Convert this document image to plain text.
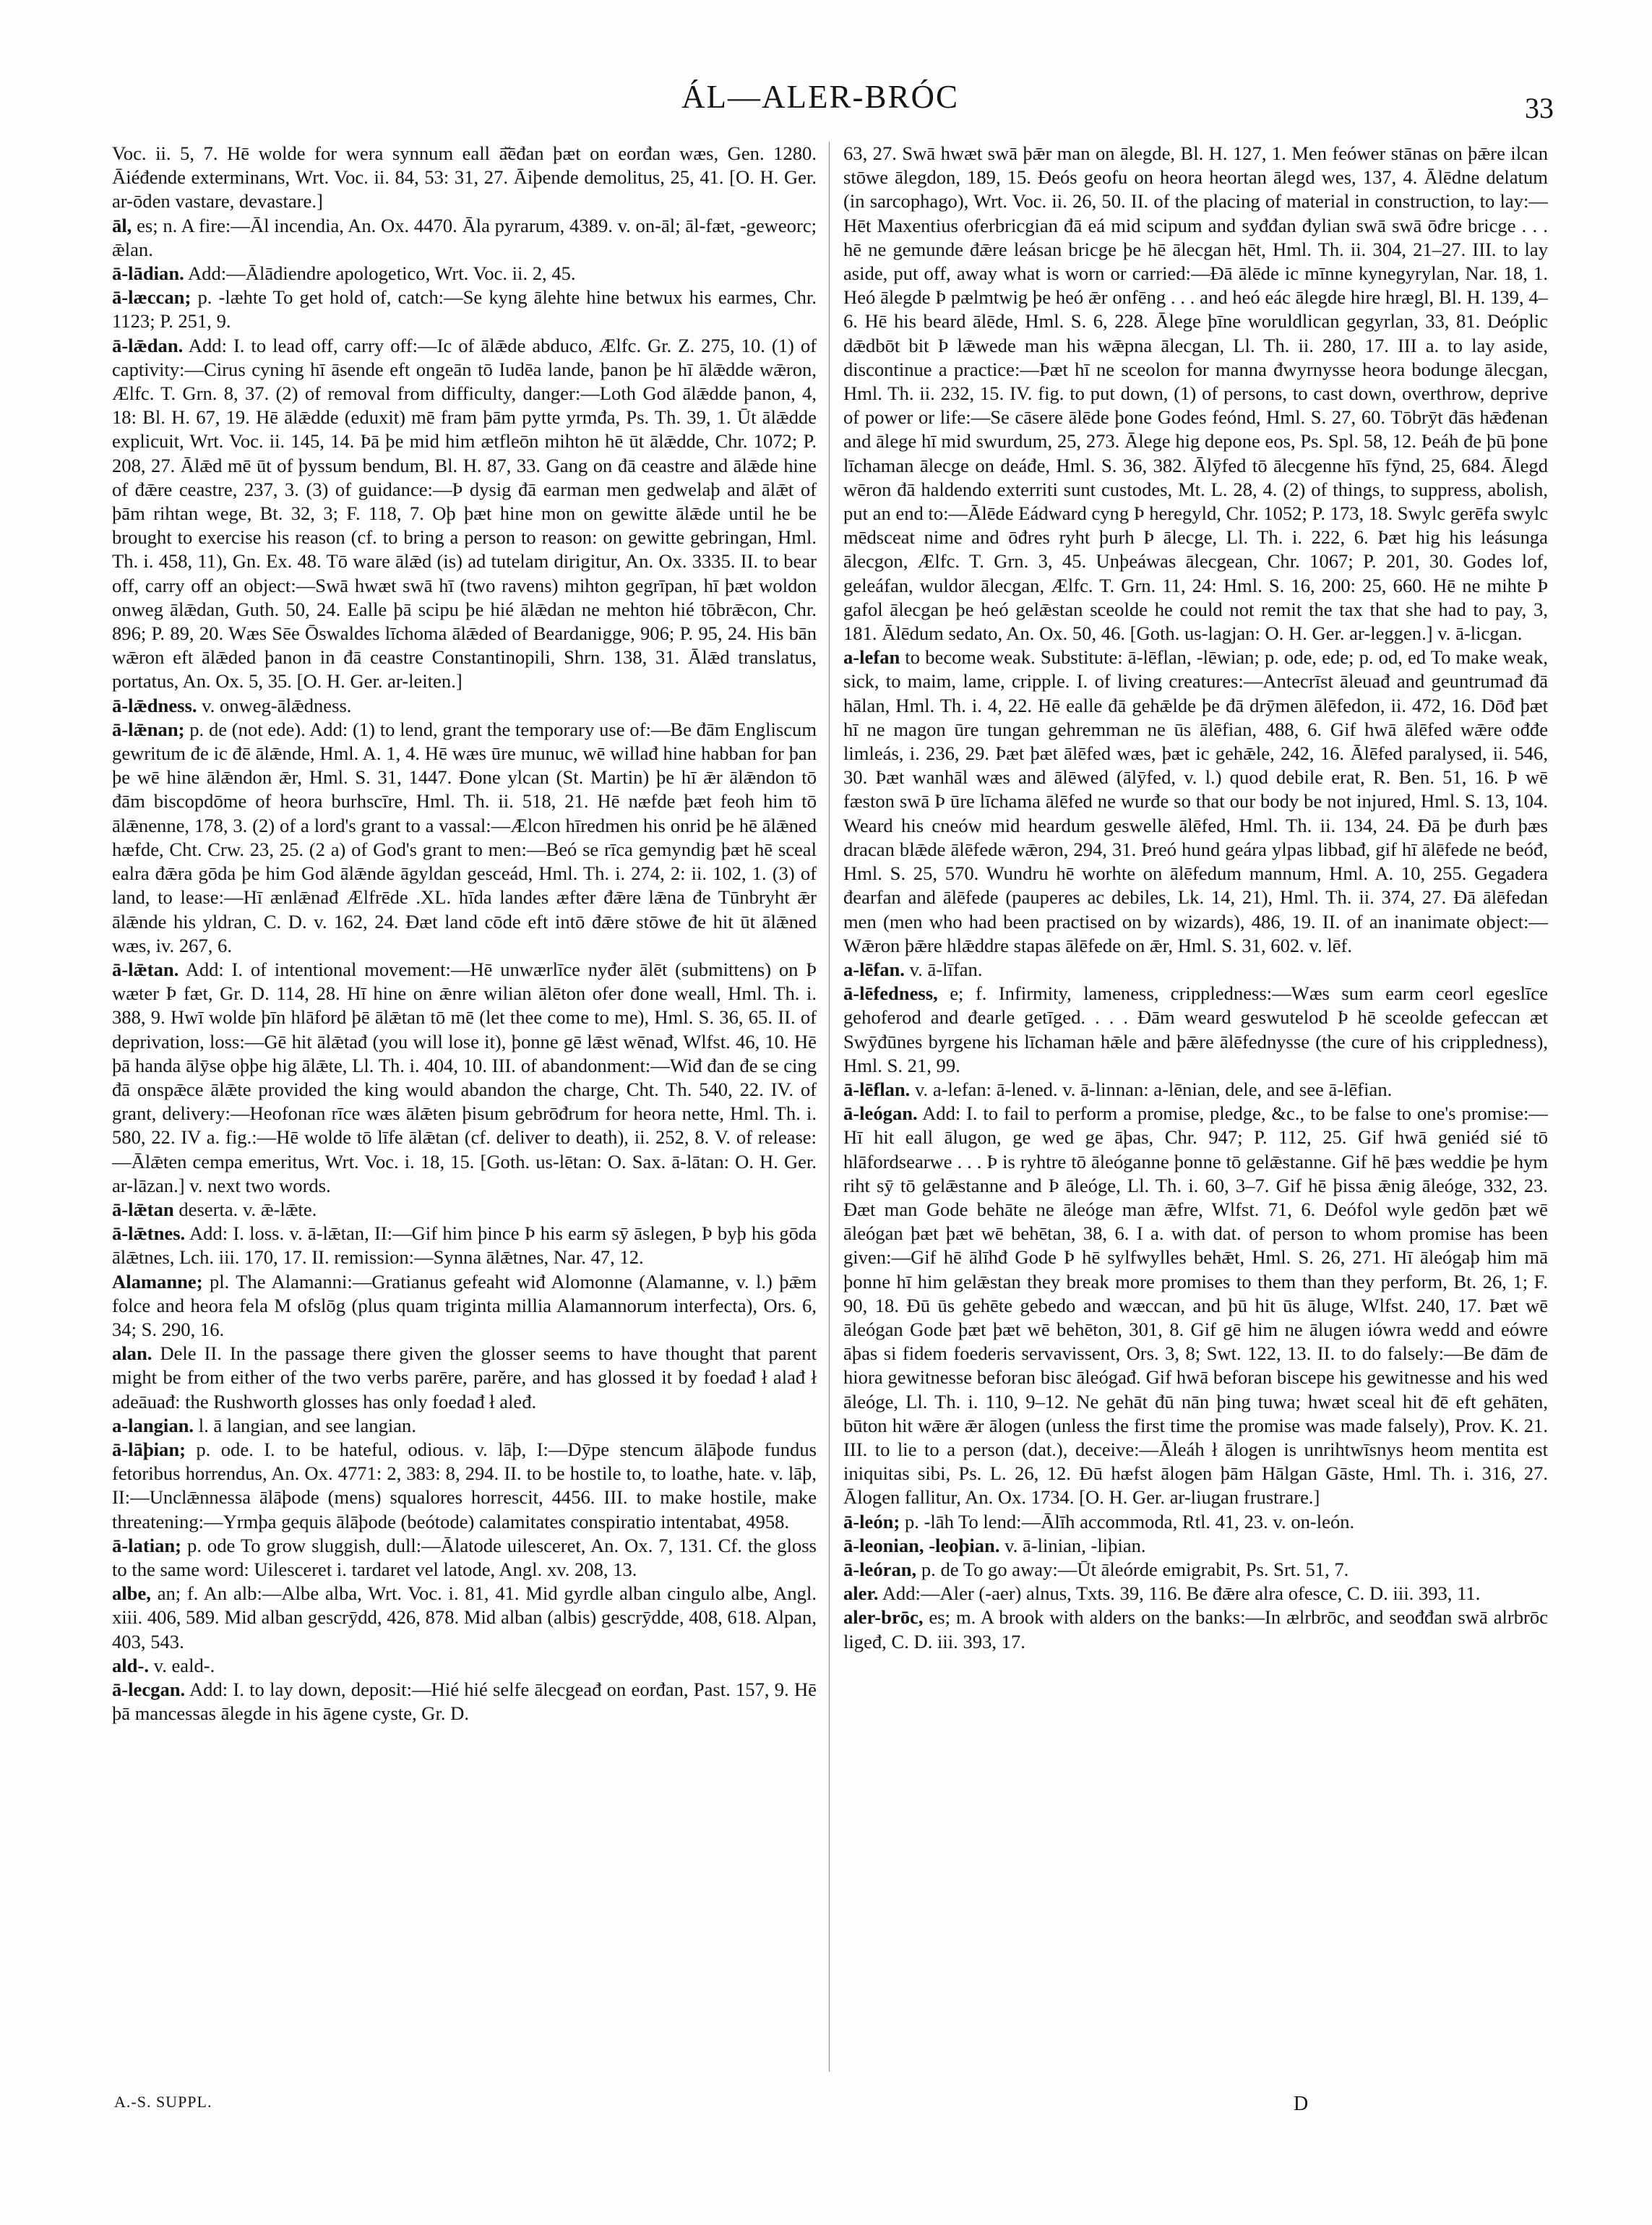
ÁL—ALER-BRÓC	33

Voc. ii. 5, 7. Hē wolde for wera synnum eall ā̆ēđan þæt on eorđan wæs, Gen. 1280. Āiéđende exterminans, Wrt. Voc. ii. 84, 53: 31, 27. Āiþende demolitus, 25, 41. [O. H. Ger. ar-ōden vastare, devastare.]

āl, es; n. A fire:—Āl incendia, An. Ox. 4470. Āla pyrarum, 4389. v. on-āl; āl-fæt, -geweorc; ǣlan.

ā-lādian. Add:—Ālādiendre apologetico, Wrt. Voc. ii. 2, 45.

ā-læccan; p. -læhte To get hold of, catch:—Se kyng ālehte hine betwux his earmes, Chr. 1123; P. 251, 9.

ā-lǣdan. Add: I. to lead off, carry off:—Ic of ālǣde abduco, Ælfc. Gr. Z. 275, 10. (1) of captivity:—Cirus cyning hī āsende eft ongeān tō Iudēa lande, þanon þe hī ālǣdde wǣron, Ælfc. T. Grn. 8, 37. (2) of removal from difficulty, danger:—Loth God ālǣdde þanon, 4, 18: Bl. H. 67, 19. Hē ālǣdde (eduxit) mē fram þām pytte yrmđa, Ps. Th. 39, 1. Ūt ālǣdde explicuit, Wrt. Voc. ii. 145, 14. Þā þe mid him ætfleōn mihton hē ūt ālǣdde, Chr. 1072; P. 208, 27. Ālǣd mē ūt of þyssum bendum, Bl. H. 87, 33. Gang on đā ceastre and ālǣde hine of đǣre ceastre, 237, 3. (3) of guidance:—Þ dysig đā earman men gedwelaþ and ālǣt of þām rihtan wege, Bt. 32, 3; F. 118, 7. Oþ þæt hine mon on gewitte ālǣde until he be brought to exercise his reason (cf. to bring a person to reason: on gewitte gebringan, Hml. Th. i. 458, 11), Gn. Ex. 48. Tō ware ālǣd (is) ad tutelam dirigitur, An. Ox. 3335. II. to bear off, carry off an object:—Swā hwæt swā hī (two ravens) mihton gegrīpan, hī þæt woldon onweg ālǣdan, Guth. 50, 24. Ealle þā scipu þe hié ālǣdan ne mehton hié tōbrǣcon, Chr. 896; P. 89, 20. Wæs Sēe Ōswaldes līchoma ālǣded of Beardanigge, 906; P. 95, 24. His bān wǣron eft ālǣded þanon in đā ceastre Constantinopili, Shrn. 138, 31. Ālǣd translatus, portatus, An. Ox. 5, 35. [O. H. Ger. ar-leiten.]

ā-lǣdness. v. onweg-ālǣdness.

ā-lǣnan; p. de (not ede). Add: (1) to lend, grant the temporary use of:—Be đām Engliscum gewritum đe ic đē ālǣnde, Hml. A. 1, 4. Hē wæs ūre munuc, wē willađ hine habban for þan þe wē hine ālǣndon ǣr, Hml. S. 31, 1447. Đone ylcan (St. Martin) þe hī ǣr ālǣndon tō đām biscopdōme of heora burhscīre, Hml. Th. ii. 518, 21. Hē næfde þæt feoh him tō ālǣnenne, 178, 3. (2) of a lord's grant to a vassal:—Ælcon hīredmen his onrid þe hē ālǣned hæfde, Cht. Crw. 23, 25. (2 a) of God's grant to men:—Beó se rīca gemyndig þæt hē sceal ealra đǣra gōda þe him God ālǣnde āgyldan gesceád, Hml. Th. i. 274, 2: ii. 102, 1. (3) of land, to lease:—Hī ænlǣnađ Ælfrēde .XL. hīda landes æfter đǣre lǣna đe Tūnbryht ǣr ālǣnde his yldran, C. D. v. 162, 24. Đæt land cōde eft intō đǣre stōwe đe hit ūt ālǣned wæs, iv. 267, 6.

ā-lǣtan. Add: I. of intentional movement:—Hē unwærlīce nyđer ālēt (submittens) on Þ wæter Þ fæt, Gr. D. 114, 28. Hī hine on ǣnre wilian ālēton ofer đone weall, Hml. Th. i. 388, 9. Hwī wolde þīn hlāford þē ālǣtan tō mē (let thee come to me), Hml. S. 36, 65. II. of deprivation, loss:—Gē hit ālǣtađ (you will lose it), þonne gē lǣst wēnađ, Wlfst. 46, 10. Hē þā handa ālȳse oþþe hig ālǣte, Ll. Th. i. 404, 10. III. of abandonment:—Wiđ đan đe se cing đā onspǣce ālǣte provided the king would abandon the charge, Cht. Th. 540, 22. IV. of grant, delivery:—Heofonan rīce wæs ālǣten þisum gebrōđrum for heora nette, Hml. Th. i. 580, 22. IV a. fig.:—Hē wolde tō līfe ālǣtan (cf. deliver to death), ii. 252, 8. V. of release:—Ālǣten cempa emeritus, Wrt. Voc. i. 18, 15. [Goth. us-lētan: O. Sax. ā-lātan: O. H. Ger. ar-lāzan.] v. next two words.

ā-lǣtan deserta. v. ǣ-lǣte.

ā-lǣtnes. Add: I. loss. v. ā-lǣtan, II:—Gif him þince Þ his earm sȳ āslegen, Þ byþ his gōda ālǣtnes, Lch. iii. 170, 17. II. remission:—Synna ālǣtnes, Nar. 47, 12.

Alamanne; pl. The Alamanni:—Gratianus gefeaht wiđ Alomonne (Alamanne, v. l.) þǣm folce and heora fela M ofslōg (plus quam triginta millia Alamannorum interfecta), Ors. 6, 34; S. 290, 16.

alan. Dele II. In the passage there given the glosser seems to have thought that parent might be from either of the two verbs parēre, parĕre, and has glossed it by foedađ ł alađ ł adeāuađ: the Rushworth glosses has only foedađ ł aleđ.

a-langian. l. ā langian, and see langian.

ā-lāþian; p. ode. I. to be hateful, odious. v. lāþ, I:—Dȳpe stencum ālāþode fundus fetoribus horrendus, An. Ox. 4771: 2, 383: 8, 294. II. to be hostile to, to loathe, hate. v. lāþ, II:—Unclǣnnessa ālāþode (mens) squalores horrescit, 4456. III. to make hostile, make threatening:—Yrmþa gequis ālāþode (beótode) calamitates conspiratio intentabat, 4958.

ā-latian; p. ode To grow sluggish, dull:—Ālatode uilesceret, An. Ox. 7, 131. Cf. the gloss to the same word: Uilesceret i. tardaret vel latode, Angl. xv. 208, 13.

albe, an; f. An alb:—Albe alba, Wrt. Voc. i. 81, 41. Mid gyrdle alban cingulo albe, Angl. xiii. 406, 589. Mid alban gescrȳdd, 426, 878. Mid alban (albis) gescrȳdde, 408, 618. Alpan, 403, 543.

ald-. v. eald-.

ā-lecgan. Add: I. to lay down, deposit:—Hié hié selfe ālecgeađ on eorđan, Past. 157, 9. Hē þā mancessas ālegde in his āgene cyste, Gr. D.

63, 27. Swā hwæt swā þǣr man on ālegde, Bl. H. 127, 1. Men feówer stānas on þǣre ilcan stōwe ālegdon, 189, 15. Đeós geofu on heora heortan ālegd wes, 137, 4. Ālēdne delatum (in sarcophago), Wrt. Voc. ii. 26, 50. II. of the placing of material in construction, to lay:—Hēt Maxentius oferbricgian đā eá mid scipum and syđđan đylian swā swā ōđre bricge . . . hē ne gemunde đǣre leásan bricge þe hē ālecgan hēt, Hml. Th. ii. 304, 21–27. III. to lay aside, put off, away what is worn or carried:—Đā ālēde ic mīnne kynegyrylan, Nar. 18, 1. Heó ālegde Þ pælmtwig þe heó ǣr onfēng . . . and heó eác ālegde hire hrægl, Bl. H. 139, 4–6. Hē his beard ālēde, Hml. S. 6, 228. Ālege þīne woruldlican gegyrlan, 33, 81. Deóplic dǣdbōt bit Þ lǣwede man his wǣpna ālecgan, Ll. Th. ii. 280, 17. III a. to lay aside, discontinue a practice:—Þæt hī ne sceolon for manna đwyrnysse heora bodunge ālecgan, Hml. Th. ii. 232, 15. IV. fig. to put down, (1) of persons, to cast down, overthrow, deprive of power or life:—Se cāsere ālēde þone Godes feónd, Hml. S. 27, 60. Tōbrȳt đās hǣđenan and ālege hī mid swurdum, 25, 273. Ālege hig depone eos, Ps. Spl. 58, 12. Þeáh đe þū þone līchaman ālecge on deáđe, Hml. S. 36, 382. Ālȳfed tō ālecgenne hīs fȳnd, 25, 684. Ālegd wēron đā haldendo exterriti sunt custodes, Mt. L. 28, 4. (2) of things, to suppress, abolish, put an end to:—Ālēde Eádward cyng Þ heregyld, Chr. 1052; P. 173, 18. Swylc gerēfa swylc mēdsceat nime and ōđres ryht þurh Þ ālecge, Ll. Th. i. 222, 6. Þæt hig his leásunga ālecgon, Ælfc. T. Grn. 3, 45. Unþeáwas ālecgean, Chr. 1067; P. 201, 30. Godes lof, geleáfan, wuldor ālecgan, Ælfc. T. Grn. 11, 24: Hml. S. 16, 200: 25, 660. Hē ne mihte Þ gafol ālecgan þe heó gelǣstan sceolde he could not remit the tax that she had to pay, 3, 181. Ālēdum sedato, An. Ox. 50, 46. [Goth. us-lagjan: O. H. Ger. ar-leggen.] v. ā-licgan.

a-lefan to become weak. Substitute: ā-lēflan, -lēwian; p. ode, ede; p. od, ed To make weak, sick, to maim, lame, cripple. I. of living creatures:—Antecrīst āleuađ and geuntrumađ đā hālan, Hml. Th. i. 4, 22. Hē ealle đā gehǣlde þe đā drȳmen ālēfedon, ii. 472, 16. Dōđ þæt hī ne magon ūre tungan gehremman ne ūs ālēfian, 488, 6. Gif hwā ālēfed wǣre ođđe limleás, i. 236, 29. Þæt þæt ālēfed wæs, þæt ic gehǣle, 242, 16. Ālēfed paralysed, ii. 546, 30. Þæt wanhāl wæs and ālēwed (ālȳfed, v. l.) quod debile erat, R. Ben. 51, 16. Þ wē fæston swā Þ ūre līchama ālēfed ne wurđe so that our body be not injured, Hml. S. 13, 104. Weard his cneów mid heardum geswelle ālēfed, Hml. Th. ii. 134, 24. Đā þe đurh þæs dracan blǣde ālēfede wǣron, 294, 31. Þreó hund geára ylpas libbađ, gif hī ālēfede ne beóđ, Hml. S. 25, 570. Wundru hē worhte on ālēfedum mannum, Hml. A. 10, 255. Gegadera đearfan and ālēfede (pauperes ac debiles, Lk. 14, 21), Hml. Th. ii. 374, 27. Đā ālēfedan men (men who had been practised on by wizards), 486, 19. II. of an inanimate object:—Wǣron þǣre hlǣddre stapas ālēfede on ǣr, Hml. S. 31, 602. v. lēf.

a-lēfan. v. ā-līfan.

ā-lēfedness, e; f. Infirmity, lameness, crippledness:—Wæs sum earm ceorl egeslīce gehoferod and đearle getīged. . . . Đām weard geswutelod Þ hē sceolde gefeccan æt Swȳđūnes byrgene his līchaman hǣle and þǣre ālēfednysse (the cure of his crippledness), Hml. S. 21, 99.

ā-lēflan. v. a-lefan: ā-lened. v. ā-linnan: a-lēnian, dele, and see ā-lēfian.

ā-leógan. Add: I. to fail to perform a promise, pledge, &c., to be false to one's promise:—Hī hit eall ālugon, ge wed ge āþas, Chr. 947; P. 112, 25. Gif hwā geniéd sié tō hlāfordsearwe . . . Þ is ryhtre tō āleóganne þonne tō gelǣstanne. Gif hē þæs weddie þe hym riht sȳ tō gelǣstanne and Þ āleóge, Ll. Th. i. 60, 3–7. Gif hē þissa ǣnig āleóge, 332, 23. Đæt man Gode behāte ne āleóge man ǣfre, Wlfst. 71, 6. Deófol wyle gedōn þæt wē āleógan þæt þæt wē behētan, 38, 6. I a. with dat. of person to whom promise has been given:—Gif hē ālīhđ Gode Þ hē sylfwylles behǣt, Hml. S. 26, 271. Hī āleógaþ him mā þonne hī him gelǣstan they break more promises to them than they perform, Bt. 26, 1; F. 90, 18. Đū ūs gehēte gebedo and wæccan, and þū hit ūs āluge, Wlfst. 240, 17. Þæt wē āleógan Gode þæt þæt wē behēton, 301, 8. Gif gē him ne ālugen iówra wedd and eówre āþas si fidem foederis servavissent, Ors. 3, 8; Swt. 122, 13. II. to do falsely:—Be đām đe hiora gewitnesse beforan bisc āleógađ. Gif hwā beforan biscepe his gewitnesse and his wed āleóge, Ll. Th. i. 110, 9–12. Ne gehāt đū nān þing tuwa; hwæt sceal hit đē eft gehāten, būton hit wǣre ǣr ālogen (unless the first time the promise was made falsely), Prov. K. 21. III. to lie to a person (dat.), deceive:—Āleáh ł ālogen is unrihtwīsnys heom mentita est iniquitas sibi, Ps. L. 26, 12. Đū hæfst ālogen þām Hālgan Gāste, Hml. Th. i. 316, 27. Ālogen fallitur, An. Ox. 1734. [O. H. Ger. ar-liugan frustrare.]

ā-león; p. -lāh To lend:—Ālīh accommoda, Rtl. 41, 23. v. on-león.

ā-leonian, -leoþian. v. ā-linian, -liþian.

ā-leóran, p. de To go away:—Ūt āleórde emigrabit, Ps. Srt. 51, 7.

aler. Add:—Aler (-aer) alnus, Txts. 39, 116. Be đǣre alra ofesce, C. D. iii. 393, 11.

aler-brōc, es; m. A brook with alders on the banks:—In ælrbrōc, and seođđan swā alrbrōc ligeđ, C. D. iii. 393, 17.

A.-S. SUPPL.	D
